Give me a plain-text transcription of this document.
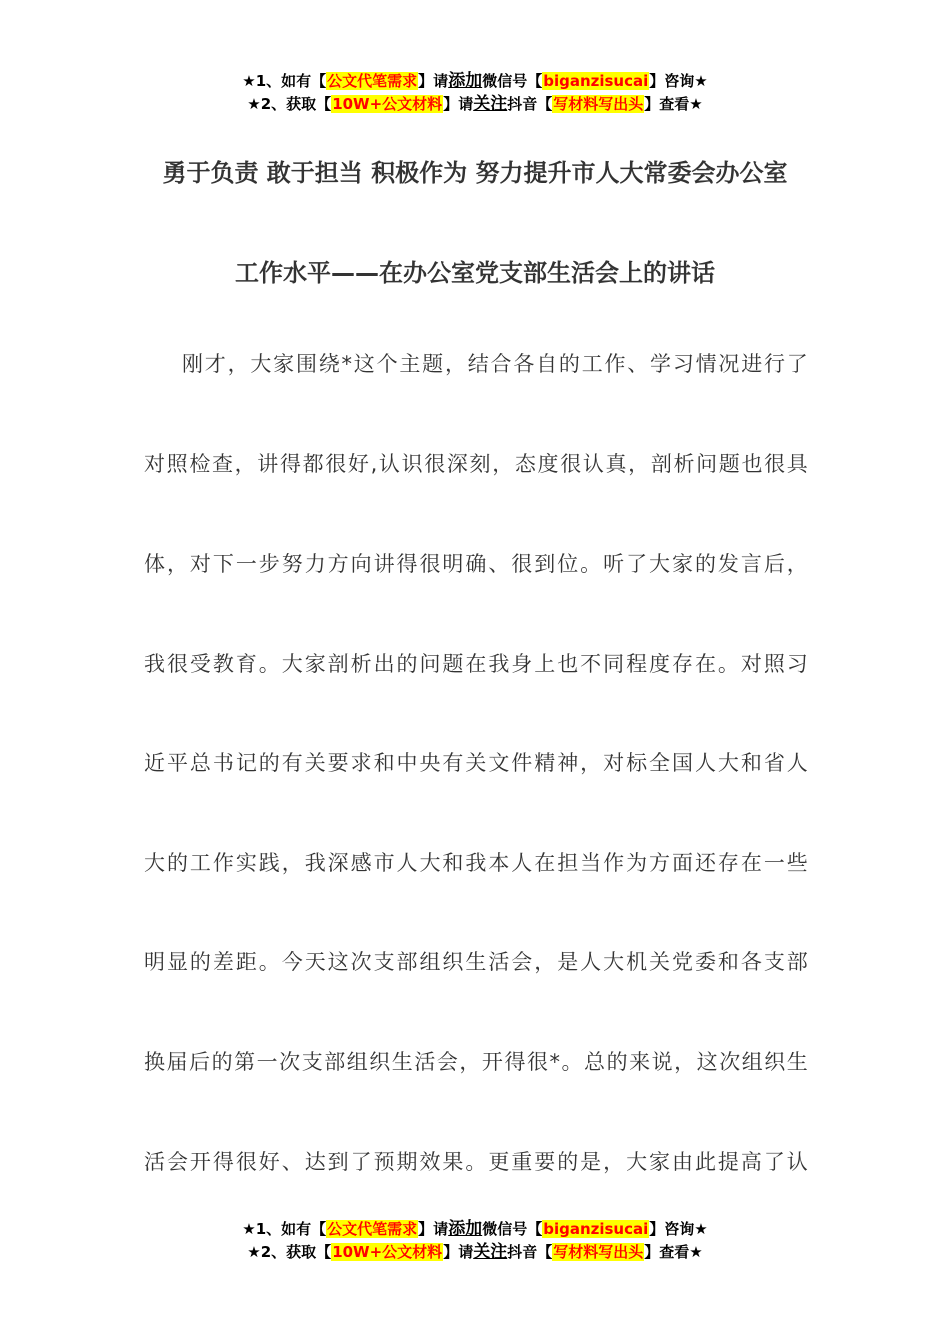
★1、如有【公文代笔需求】请添加微信号【biganzisucai】咨询★
★2、获取【10W+公文材料】请关注抖音【写材料写出头】查看★
勇于负责 敢于担当 积极作为 努力提升市人大常委会办公室
工作水平——在办公室党支部生活会上的讲话
刚才，大家围绕*这个主题，结合各自的工作、学习情况进行了
对照检查，讲得都很好,认识很深刻，态度很认真，剖析问题也很具
体，对下一步努力方向讲得很明确、很到位。听了大家的发言后，
我很受教育。大家剖析出的问题在我身上也不同程度存在。对照习
近平总书记的有关要求和中央有关文件精神，对标全国人大和省人
大的工作实践，我深感市人大和我本人在担当作为方面还存在一些
明显的差距。今天这次支部组织生活会，是人大机关党委和各支部
换届后的第一次支部组织生活会，开得很*。总的来说，这次组织生
活会开得很好、达到了预期效果。更重要的是，大家由此提高了认
★1、如有【公文代笔需求】请添加微信号【biganzisucai】咨询★
★2、获取【10W+公文材料】请关注抖音【写材料写出头】查看★
